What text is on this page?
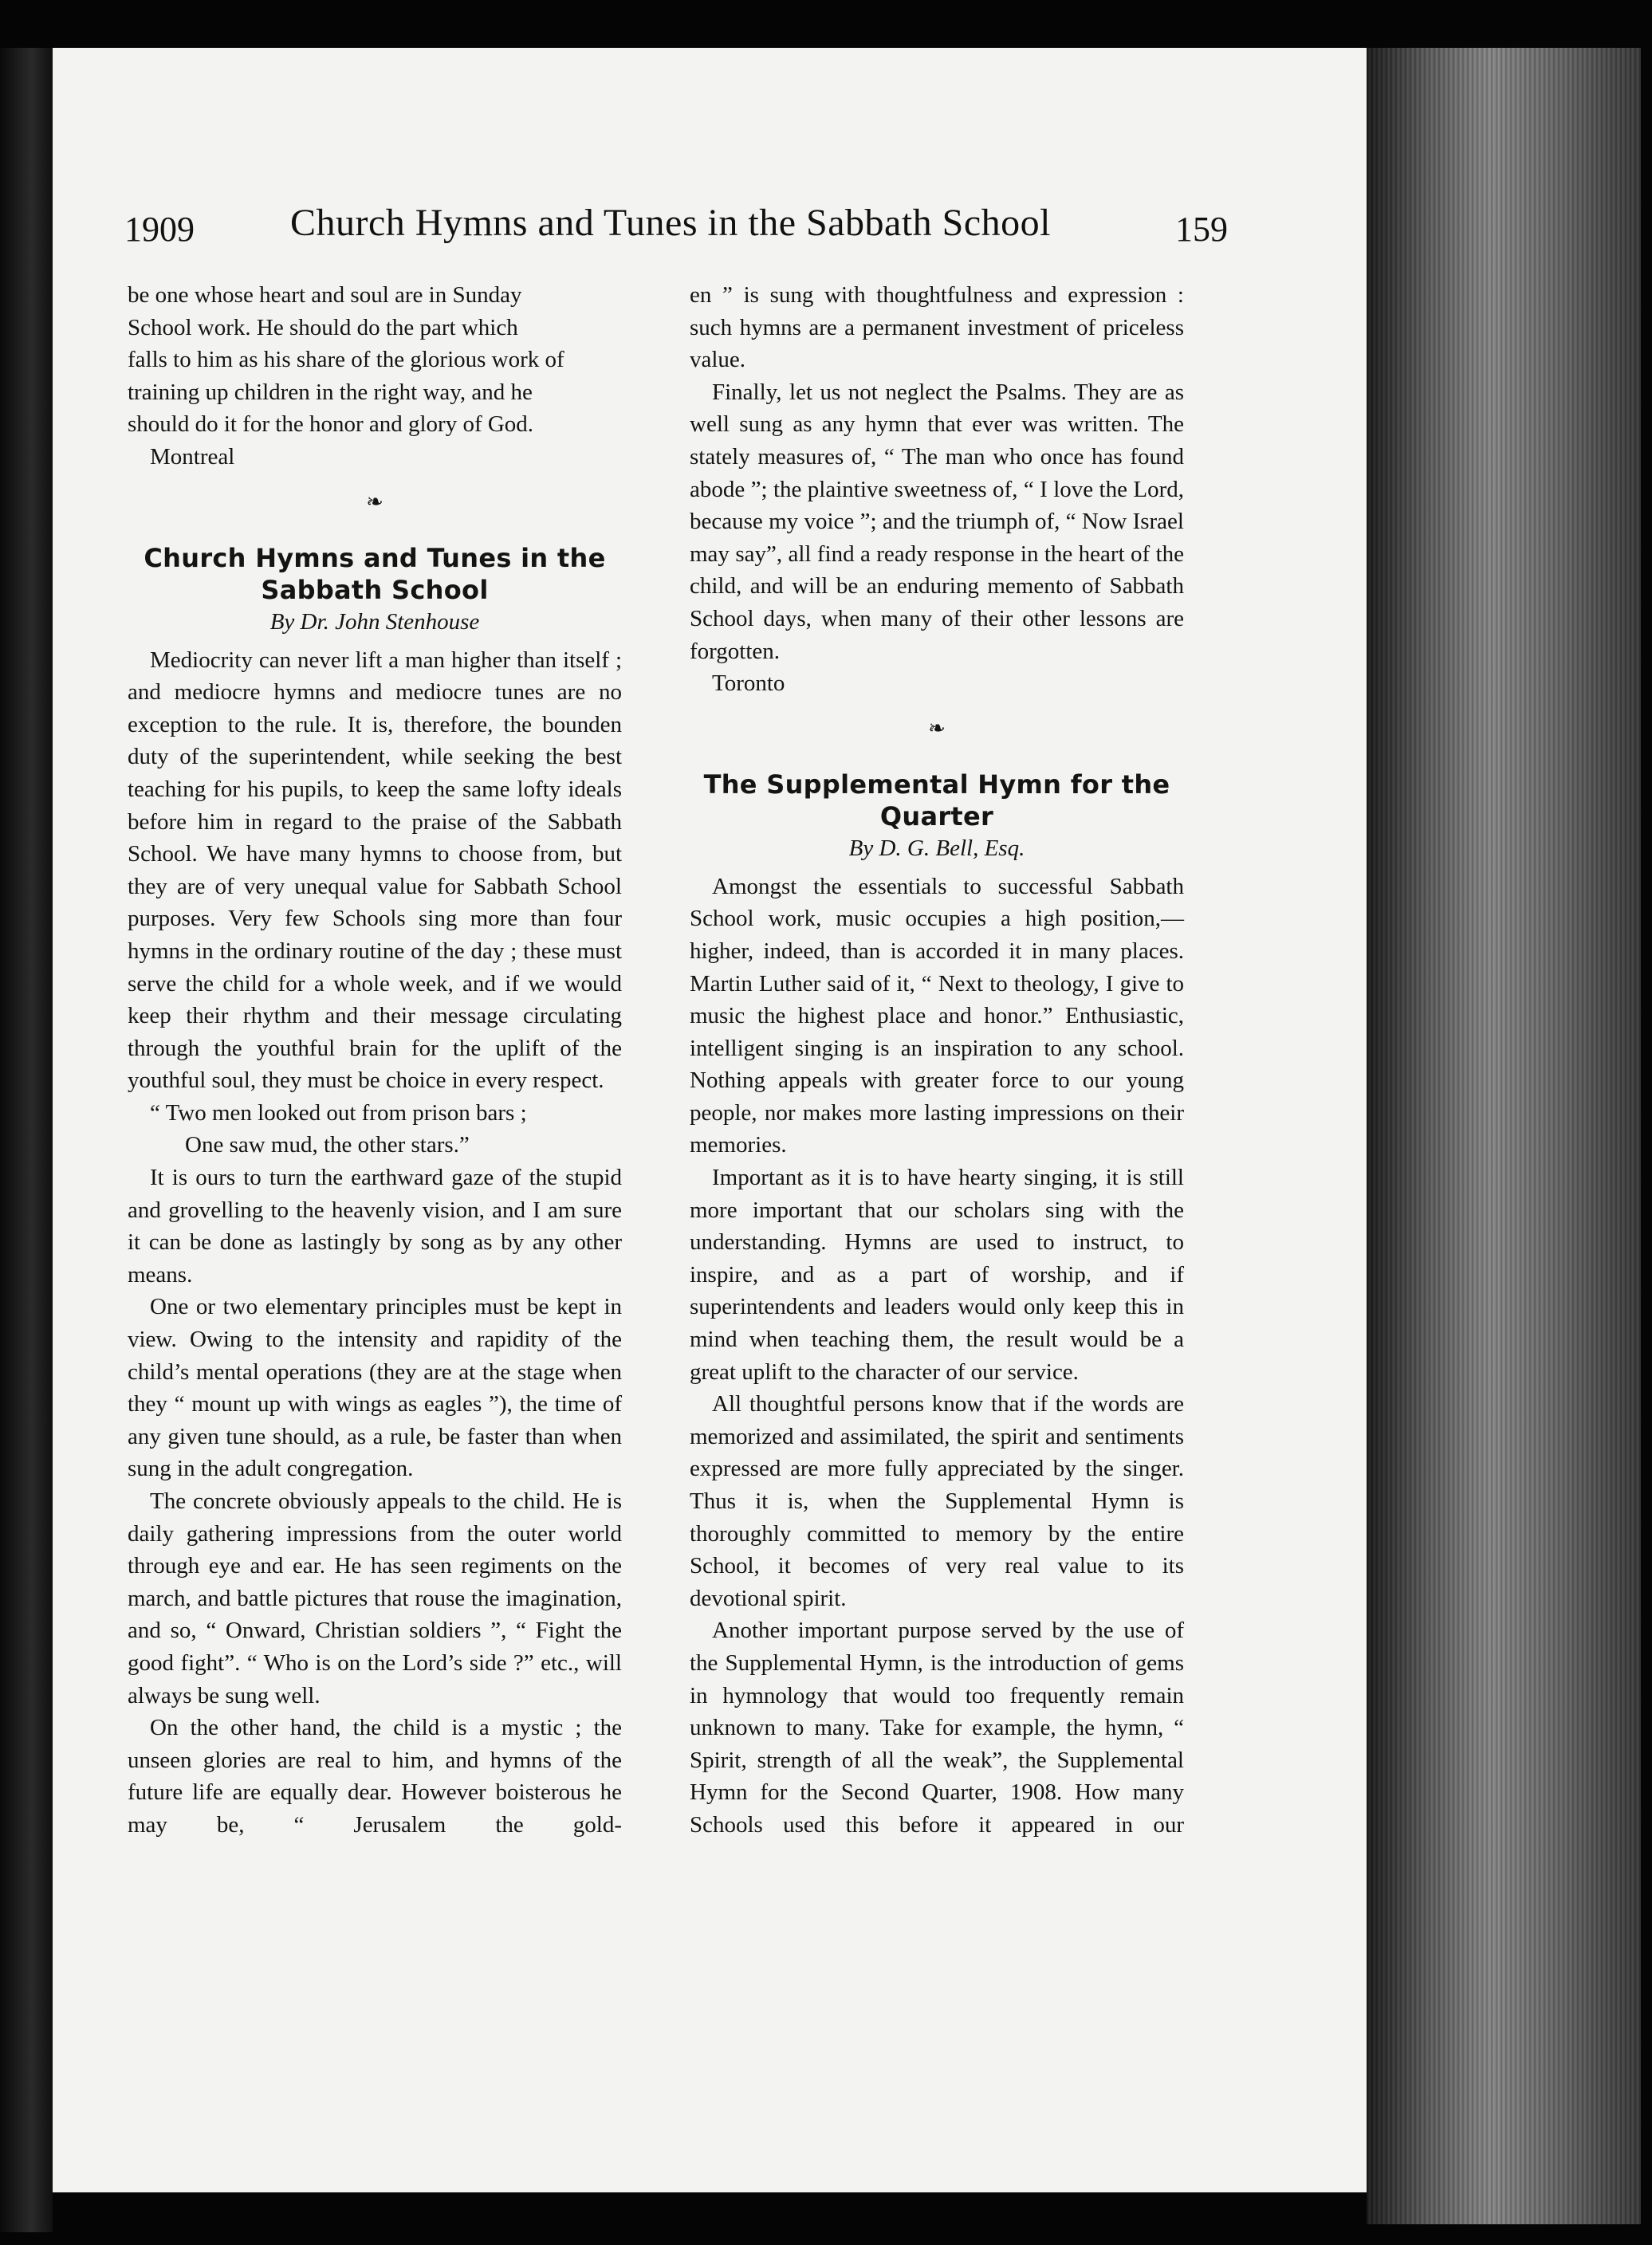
1909	Church Hymns and Tunes in the Sabbath School	159
be one whose heart and soul are in Sunday
School work. He should do the part which
falls to him as his share of the glorious work of
training up children in the right way, and he
should do it for the honor and glory of God.

Montreal

❧
Church Hymns and Tunes in the
Sabbath School
By Dr. John Stenhouse

Mediocrity can never lift a man higher than itself ; and mediocre hymns and mediocre tunes are no exception to the rule. It is, therefore, the bounden duty of the superintendent, while seeking the best teaching for his pupils, to keep the same lofty ideals before him in regard to the praise of the Sabbath School. We have many hymns to choose from, but they are of very unequal value for Sabbath School purposes. Very few Schools sing more than four hymns in the ordinary routine of the day ; these must serve the child for a whole week, and if we would keep their rhythm and their message circulating through the youthful brain for the uplift of the youthful soul, they must be choice in every respect.

“ Two men looked out from prison bars ;

One saw mud, the other stars.”

It is ours to turn the earthward gaze of the stupid and grovelling to the heavenly vision, and I am sure it can be done as lastingly by song as by any other means.

One or two elementary principles must be kept in view. Owing to the intensity and rapidity of the child’s mental operations (they are at the stage when they “ mount up with wings as eagles ”), the time of any given tune should, as a rule, be faster than when sung in the adult congregation.

The concrete obviously appeals to the child. He is daily gathering impressions from the outer world through eye and ear. He has seen regiments on the march, and battle pictures that rouse the imagination, and so, “ Onward, Christian soldiers ”, “ Fight the good fight”. “ Who is on the Lord’s side ?” etc., will always be sung well.

On the other hand, the child is a mystic ; the unseen glories are real to him, and hymns of the future life are equally dear. However boisterous he may be, “ Jerusalem the gold-

en ” is sung with thoughtfulness and expression : such hymns are a permanent investment of priceless value.

Finally, let us not neglect the Psalms. They are as well sung as any hymn that ever was written. The stately measures of, “ The man who once has found abode ”; the plaintive sweetness of, “ I love the Lord, because my voice ”; and the triumph of, “ Now Israel may say”, all find a ready response in the heart of the child, and will be an enduring memento of Sabbath School days, when many of their other lessons are forgotten.

Toronto

❧
The Supplemental Hymn for the Quarter
By D. G. Bell, Esq.

Amongst the essentials to successful Sabbath School work, music occupies a high position,—higher, indeed, than is accorded it in many places. Martin Luther said of it, “ Next to theology, I give to music the highest place and honor.” Enthusiastic, intelligent singing is an inspiration to any school. Nothing appeals with greater force to our young people, nor makes more lasting impressions on their memories.

Important as it is to have hearty singing, it is still more important that our scholars sing with the understanding. Hymns are used to instruct, to inspire, and as a part of worship, and if superintendents and leaders would only keep this in mind when teaching them, the result would be a great uplift to the character of our service.

All thoughtful persons know that if the words are memorized and assimilated, the spirit and sentiments expressed are more fully appreciated by the singer. Thus it is, when the Supplemental Hymn is thoroughly committed to memory by the entire School, it becomes of very real value to its devotional spirit.

Another important purpose served by the use of the Supplemental Hymn, is the introduction of gems in hymnology that would too frequently remain unknown to many. Take for example, the hymn, “ Spirit, strength of all the weak”, the Supplemental Hymn for the Second Quarter, 1908. How many Schools used this before it appeared in our
